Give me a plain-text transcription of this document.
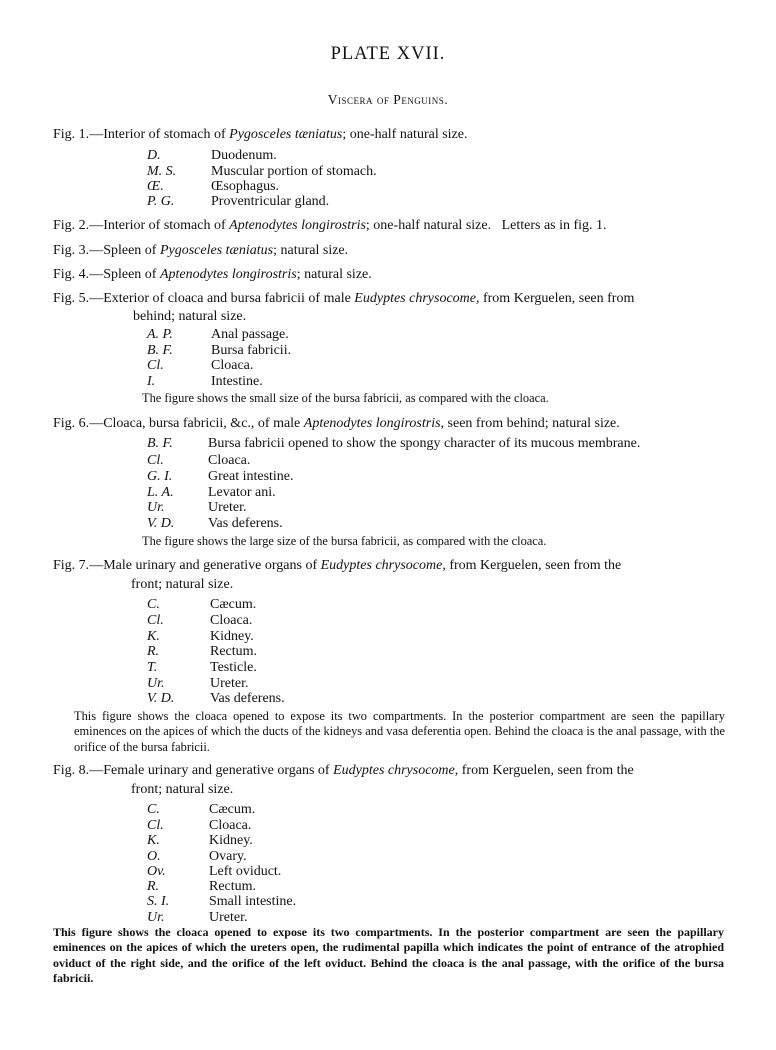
PLATE XVII.
Viscera of Penguins.
Fig. 1.—Interior of stomach of Pygosceles tæniatus; one-half natural size.
D.	Duodenum.
M. S. Muscular portion of stomach.
Œ.	Œsophagus.
P. G.	Proventricular gland.
Fig. 2.—Interior of stomach of Aptenodytes longirostris; one-half natural size.   Letters as in fig. 1.
Fig. 3.—Spleen of Pygosceles tæniatus; natural size.
Fig. 4.—Spleen of Aptenodytes longirostris; natural size.
Fig. 5.—Exterior of cloaca and bursa fabricii of male Eudyptes chrysocome, from Kerguelen, seen from
behind; natural size.
A. P.	Anal passage.
B. F.	Bursa fabricii.
Cl.	Cloaca.
I.	Intestine.
The figure shows the small size of the bursa fabricii, as compared with the cloaca.
Fig. 6.—Cloaca, bursa fabricii, &c., of male Aptenodytes longirostris, seen from behind; natural size.
B. F.	Bursa fabricii opened to show the spongy character of its mucous membrane.
Cl.	Cloaca.
G. I.	Great intestine.
L. A. Levator ani.
Ur.	Ureter.
V. D. Vas deferens.
The figure shows the large size of the bursa fabricii, as compared with the cloaca.
Fig. 7.—Male urinary and generative organs of Eudyptes chrysocome, from Kerguelen, seen from the
front; natural size.
C.	Cæcum.
Cl.	Cloaca.
K.	Kidney.
R.	Rectum.
T.	Testicle.
Ur.	Ureter.
V. D.	Vas deferens.
This figure shows the cloaca opened to expose its two compartments. In the posterior compartment are seen the papillary eminences on the apices of which the ducts of the kidneys and vasa deferentia open. Behind the cloaca is the anal passage, with the orifice of the bursa fabricii.
Fig. 8.—Female urinary and generative organs of Eudyptes chrysocome, from Kerguelen, seen from the
front; natural size.
C.	Cæcum.
Cl.	Cloaca.
K.	Kidney.
O.	Ovary.
Ov.	Left oviduct.
R.	Rectum.
S. I.	Small intestine.
Ur.	Ureter.
This figure shows the cloaca opened to expose its two compartments. In the posterior compartment are seen the papillary eminences on the apices of which the ureters open, the rudimental papilla which indicates the point of entrance of the atrophied oviduct of the right side, and the orifice of the left oviduct. Behind the cloaca is the anal passage, with the orifice of the bursa fabricii.
